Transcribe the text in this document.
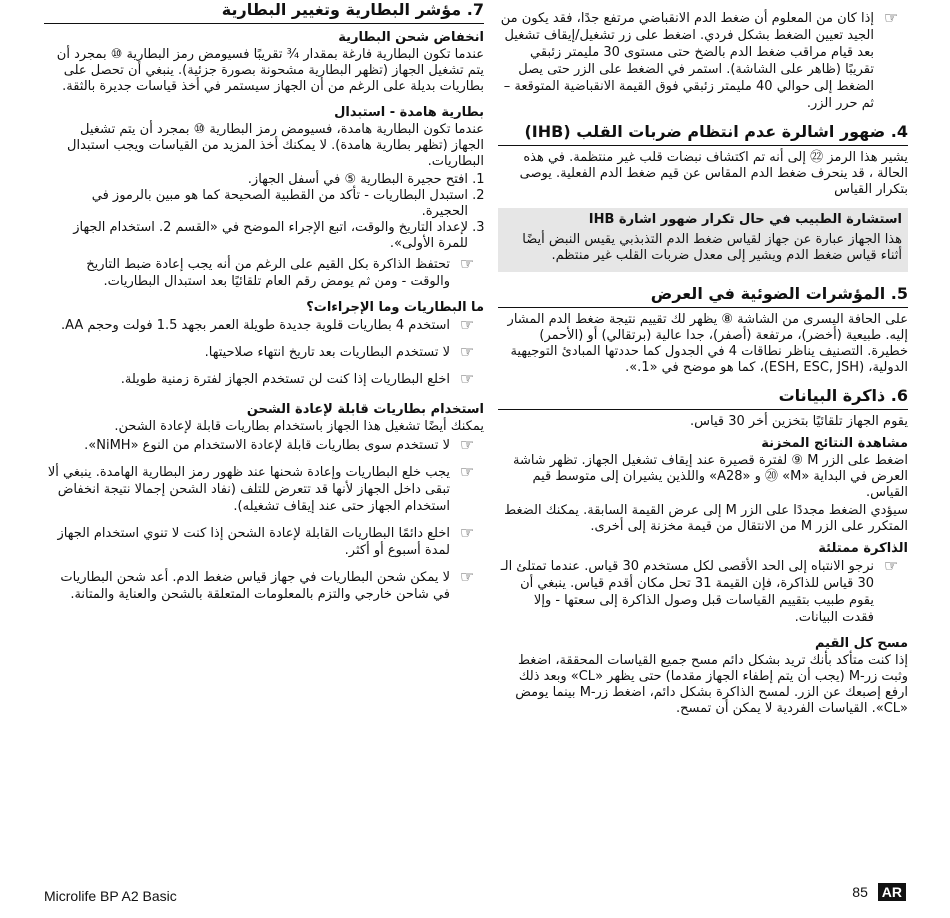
7. مؤشر البطارية وتغيير البطارية
انخفاض شحن البطارية

عندما تكون البطارية فارغة بمقدار ¾ تقريبًا فسيومض رمز البطارية ⑩ بمجرد أن يتم تشغيل الجهاز (تظهر البطارية مشحونة بصورة جزئية). ينبغي أن تحصل على بطاريات بديلة على الرغم من أن الجهاز سيستمر في أخذ قياسات جديرة بالثقة.

بطارية هامدة - استبدال

عندما تكون البطارية هامدة، فسيومض رمز البطارية ⑩ بمجرد أن يتم تشغيل الجهاز (تظهر بطارية هامدة). لا يمكنك أخذ المزيد من القياسات ويجب استبدال البطاريات.

1. افتح حجيرة البطارية ⑤ في أسفل الجهاز.
2. استبدل البطاريات - تأكد من القطبية الصحيحة كما هو مبين بالرموز في الحجيرة.
3. لإعداد التاريخ والوقت، اتبع الإجراء الموضح في «القسم 2. استخدام الجهاز للمرة الأولى».
☞
تحتفظ الذاكرة بكل القيم على الرغم من أنه يجب إعادة ضبط التاريخ والوقت - ومن ثم يومض رقم العام تلقائيًا بعد استبدال البطاريات.
ما البطاريات وما الإجراءات؟
☞
استخدم 4 بطاريات قلوية جديدة طويلة العمر بجهد 1.5 فولت وحجم AA.
☞
لا تستخدم البطاريات بعد تاريخ انتهاء صلاحيتها.
☞
اخلع البطاريات إذا كنت لن تستخدم الجهاز لفترة زمنية طويلة.
استخدام بطاريات قابلة لإعادة الشحن

يمكنك أيضًا تشغيل هذا الجهاز باستخدام بطاريات قابلة لإعادة الشحن.

☞
لا تستخدم سوى بطاريات قابلة لإعادة الاستخدام من النوع «NiMH».
☞
يجب خلع البطاريات وإعادة شحنها عند ظهور رمز البطارية الهامدة. ينبغي ألا تبقى داخل الجهاز لأنها قد تتعرض للتلف (نفاد الشحن إجمالا نتيجة انخفاض استخدام الجهاز حتى عند إيقاف تشغيله).
☞
اخلع دائمًا البطاريات القابلة لإعادة الشحن إذا كنت لا تنوي استخدام الجهاز لمدة أسبوع أو أكثر.
☞
لا يمكن شحن البطاريات في جهاز قياس ضغط الدم. أعد شحن البطاريات في شاحن خارجي والتزم بالمعلومات المتعلقة بالشحن والعناية والمتانة.
☞
إذا كان من المعلوم أن ضغط الدم الانقباضي مرتفع جدًا، فقد يكون من الجيد تعيين الضغط بشكل فردي. اضغط على زر تشغيل/إيقاف تشغيل بعد قيام مراقب ضغط الدم بالضخ حتى مستوى 30 مليمتر زئبقي تقريبًا (ظاهر على الشاشة). استمر في الضغط على الزر حتى يصل الضغط إلى حوالي 40 مليمتر زئبقي فوق القيمة الانقباضية المتوقعة – ثم حرر الزر.
4. ضهور اشالرة عدم انتظام ضربات القلب (IHB)

يشير هذا الرمز ㉒ إلى أنه تم اكتشاف نبضات قلب غير منتظمة. في هذه الحالة ، قد ينحرف ضغط الدم المقاس عن قيم ضغط الدم الفعلية. يوصى بتكرار القياس

استشارة الطبيب في حال تكرار ضهور اشارة IHB

هذا الجهاز عبارة عن جهاز لقياس ضغط الدم التذبذبي يقيس النبض أيضًا أثناء قياس ضغط الدم ويشير إلى معدل ضربات القلب غير منتظم.

5. المؤشرات الضوئية في العرض

على الحافة اليسرى من الشاشة ⑧ يظهر لك تقييم نتيجة ضغط الدم المشار إليه. طبيعية (أخضر)، مرتفعة (أصفر)، جدا عالية (برتقالي) أو (الأحمر) خطيرة. التصنيف يناظر نطاقات 4 في الجدول كما حددتها المبادئ التوجيهية الدولية، (ESH, ESC, JSH)، كما هو موضح في «1.».

6. ذاكرة البيانات

يقوم الجهاز تلقائيًا بتخزين أخر 30 قياس.

مشاهدة النتائج المخزنة

اضغط على الزر M ⑨ لفترة قصيرة عند إيقاف تشغيل الجهاز. تظهر شاشة العرض في البداية «M» ⑳ و «A28» واللذين يشيران إلى متوسط قيم القياس.

سيؤدي الضغط مجددًا على الزر M إلى عرض القيمة السابقة. يمكنك الضغط المتكرر على الزر M من الانتقال من قيمة مخزنة إلى أخرى.

الذاكرة ممتلئة
☞
نرجو الانتباه إلى الحد الأقصى لكل مستخدم 30 قياس. عندما تمتلئ الـ 30 قياس للذاكرة، فإن القيمة 31 تحل مكان أقدم قياس. ينبغي أن يقوم طبيب بتقييم القياسات قبل وصول الذاكرة إلى سعتها - وإلا فقدت البيانات.
مسح كل القيم

إذا كنت متأكد بأنك تريد بشكل دائم مسح جميع القياسات المحققة، اضغط وثبت زر-M (يجب أن يتم إطفاء الجهاز مقدما) حتى يظهر «CL» وبعد ذلك ارفع إصبعك عن الزر. لمسح الذاكرة بشكل دائم، اضغط زر-M بينما يومض «CL». القياسات الفردية لا يمكن أن تمسح.

Microlife BP A2 Basic	85 AR
